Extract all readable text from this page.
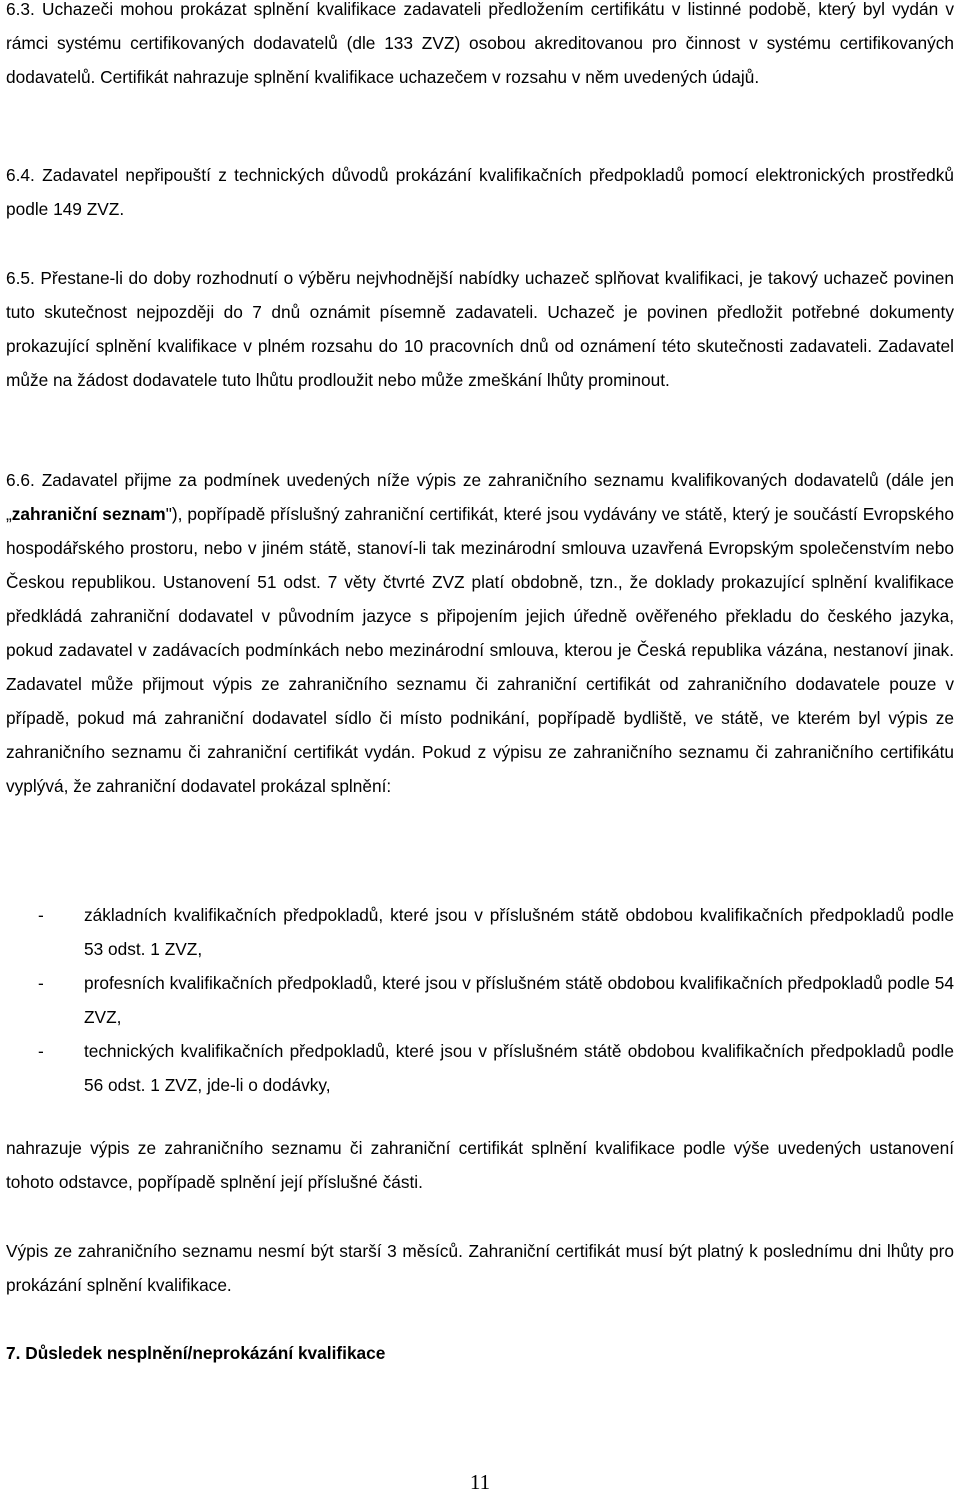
6.3. Uchazeči mohou prokázat splnění kvalifikace zadavateli předložením certifikátu v listinné podobě, který byl vydán v rámci systému certifikovaných dodavatelů (dle 133 ZVZ) osobou akreditovanou pro činnost v systému certifikovaných dodavatelů. Certifikát nahrazuje splnění kvalifikace uchazečem v rozsahu v něm uvedených údajů.

6.4. Zadavatel nepřipouští z technických důvodů prokázání kvalifikačních předpokladů pomocí elektronických prostředků podle 149 ZVZ.

6.5. Přestane-li do doby rozhodnutí o výběru nejvhodnější nabídky uchazeč splňovat kvalifikaci, je takový uchazeč povinen tuto skutečnost nejpozději do 7 dnů oznámit písemně zadavateli. Uchazeč je povinen předložit potřebné dokumenty prokazující splnění kvalifikace v plném rozsahu do 10 pracovních dnů od oznámení této skutečnosti zadavateli. Zadavatel může na žádost dodavatele tuto lhůtu prodloužit nebo může zmeškání lhůty prominout.

6.6. Zadavatel přijme za podmínek uvedených níže výpis ze zahraničního seznamu kvalifikovaných dodavatelů (dále jen „zahraniční seznam"), popřípadě příslušný zahraniční certifikát, které jsou vydávány ve státě, který je součástí Evropského hospodářského prostoru, nebo v jiném státě, stanoví-li tak mezinárodní smlouva uzavřená Evropským společenstvím nebo Českou republikou. Ustanovení 51 odst. 7 věty čtvrté ZVZ platí obdobně, tzn., že doklady prokazující splnění kvalifikace předkládá zahraniční dodavatel v původním jazyce s připojením jejich úředně ověřeného překladu do českého jazyka, pokud zadavatel v zadávacích podmínkách nebo mezinárodní smlouva, kterou je Česká republika vázána, nestanoví jinak. Zadavatel může přijmout výpis ze zahraničního seznamu či zahraniční certifikát od zahraničního dodavatele pouze v případě, pokud má zahraniční dodavatel sídlo či místo podnikání, popřípadě bydliště, ve státě, ve kterém byl výpis ze zahraničního seznamu či zahraniční certifikát vydán. Pokud z výpisu ze zahraničního seznamu či zahraničního certifikátu vyplývá, že zahraniční dodavatel prokázal splnění:

- základních kvalifikačních předpokladů, které jsou v příslušném státě obdobou kvalifikačních předpokladů podle 53 odst. 1 ZVZ,
- profesních kvalifikačních předpokladů, které jsou v příslušném státě obdobou kvalifikačních předpokladů podle 54 ZVZ,
- technických kvalifikačních předpokladů, které jsou v příslušném státě obdobou kvalifikačních předpokladů podle 56 odst. 1 ZVZ, jde-li o dodávky,

nahrazuje výpis ze zahraničního seznamu či zahraniční certifikát splnění kvalifikace podle výše uvedených ustanovení tohoto odstavce, popřípadě splnění její příslušné části.

Výpis ze zahraničního seznamu nesmí být starší 3 měsíců. Zahraniční certifikát musí být platný k poslednímu dni lhůty pro prokázání splnění kvalifikace.

7. Důsledek nesplnění/neprokázání kvalifikace
11
